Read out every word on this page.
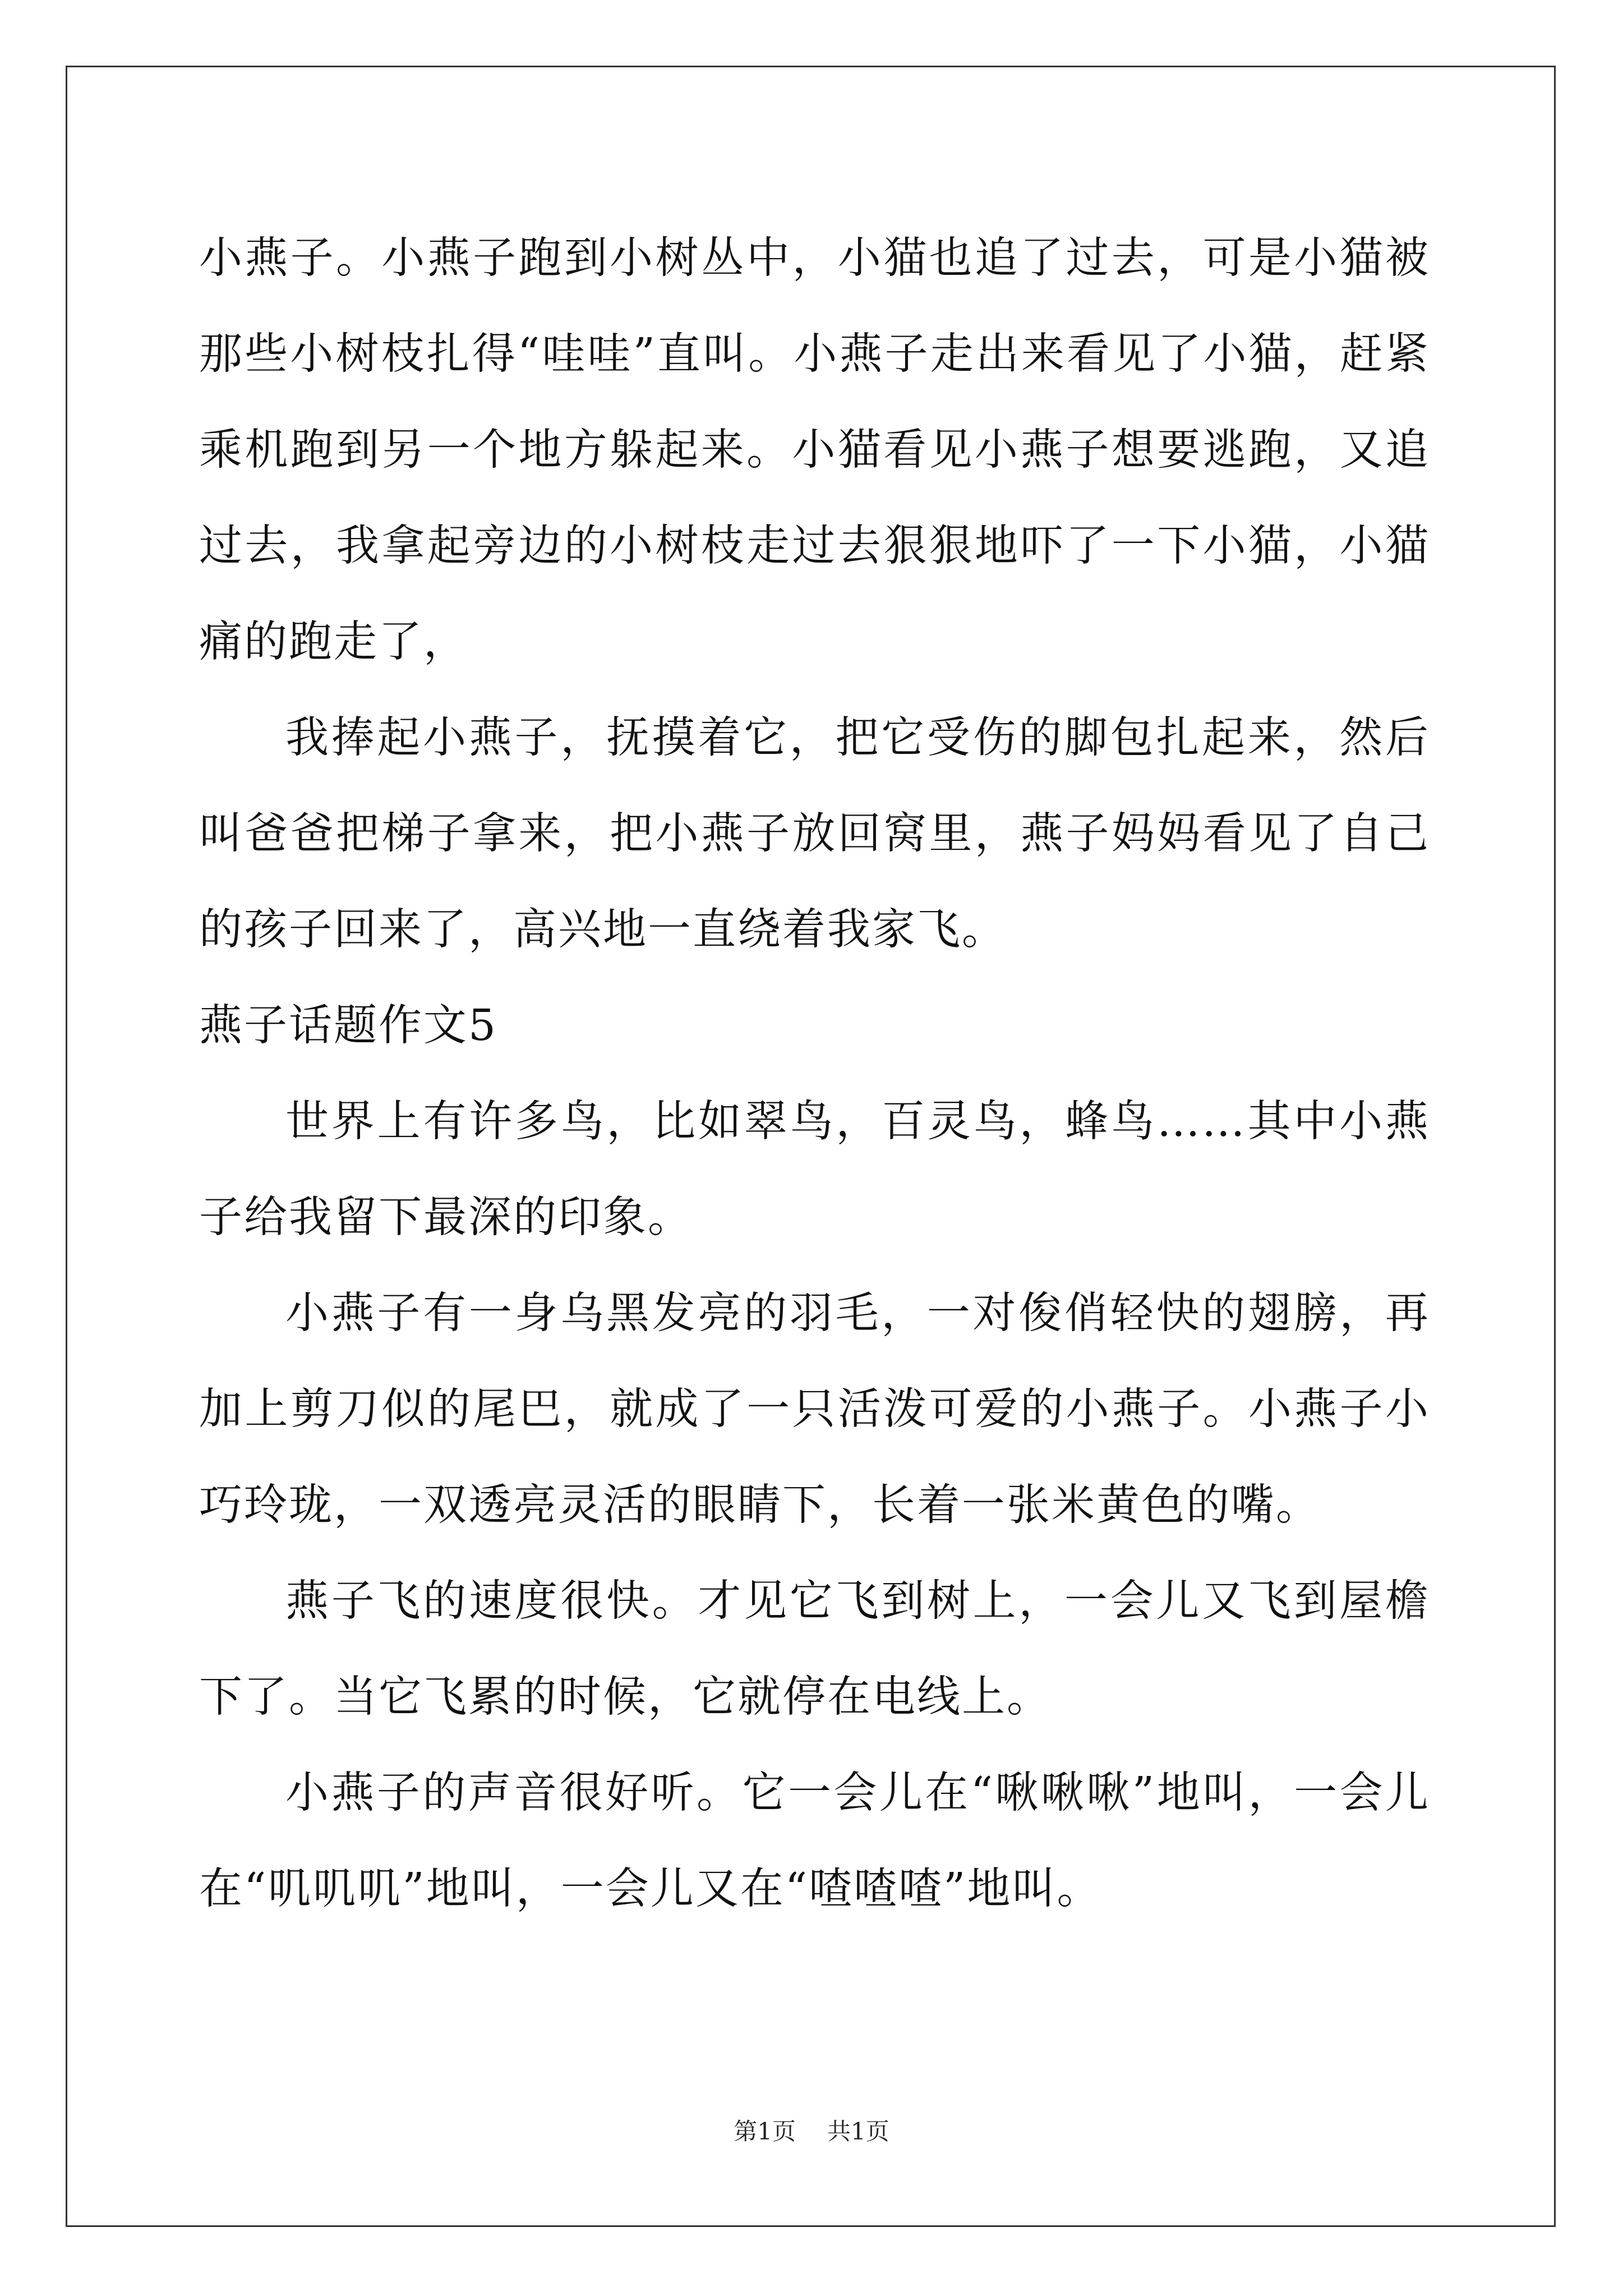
小燕子。小燕子跑到小树丛中，小猫也追了过去，可是小猫被那些小树枝扎得“哇哇”直叫。小燕子走出来看见了小猫，赶紧乘机跑到另一个地方躲起来。小猫看见小燕子想要逃跑，又追过去，我拿起旁边的小树枝走过去狠狠地吓了一下小猫，小猫痛的跑走了，

我捧起小燕子，抚摸着它，把它受伤的脚包扎起来，然后叫爸爸把梯子拿来，把小燕子放回窝里，燕子妈妈看见了自己的孩子回来了，高兴地一直绕着我家飞。

燕子话题作文5

世界上有许多鸟，比如翠鸟，百灵鸟，蜂鸟……其中小燕子给我留下最深的印象。

小燕子有一身乌黑发亮的羽毛，一对俊俏轻快的翅膀，再加上剪刀似的尾巴，就成了一只活泼可爱的小燕子。小燕子小巧玲珑，一双透亮灵活的眼睛下，长着一张米黄色的嘴。

燕子飞的速度很快。才见它飞到树上，一会儿又飞到屋檐下了。当它飞累的时候，它就停在电线上。

小燕子的声音很好听。它一会儿在“啾啾啾”地叫，一会儿在“叽叽叽”地叫，一会儿又在“喳喳喳”地叫。

第1页 共1页
